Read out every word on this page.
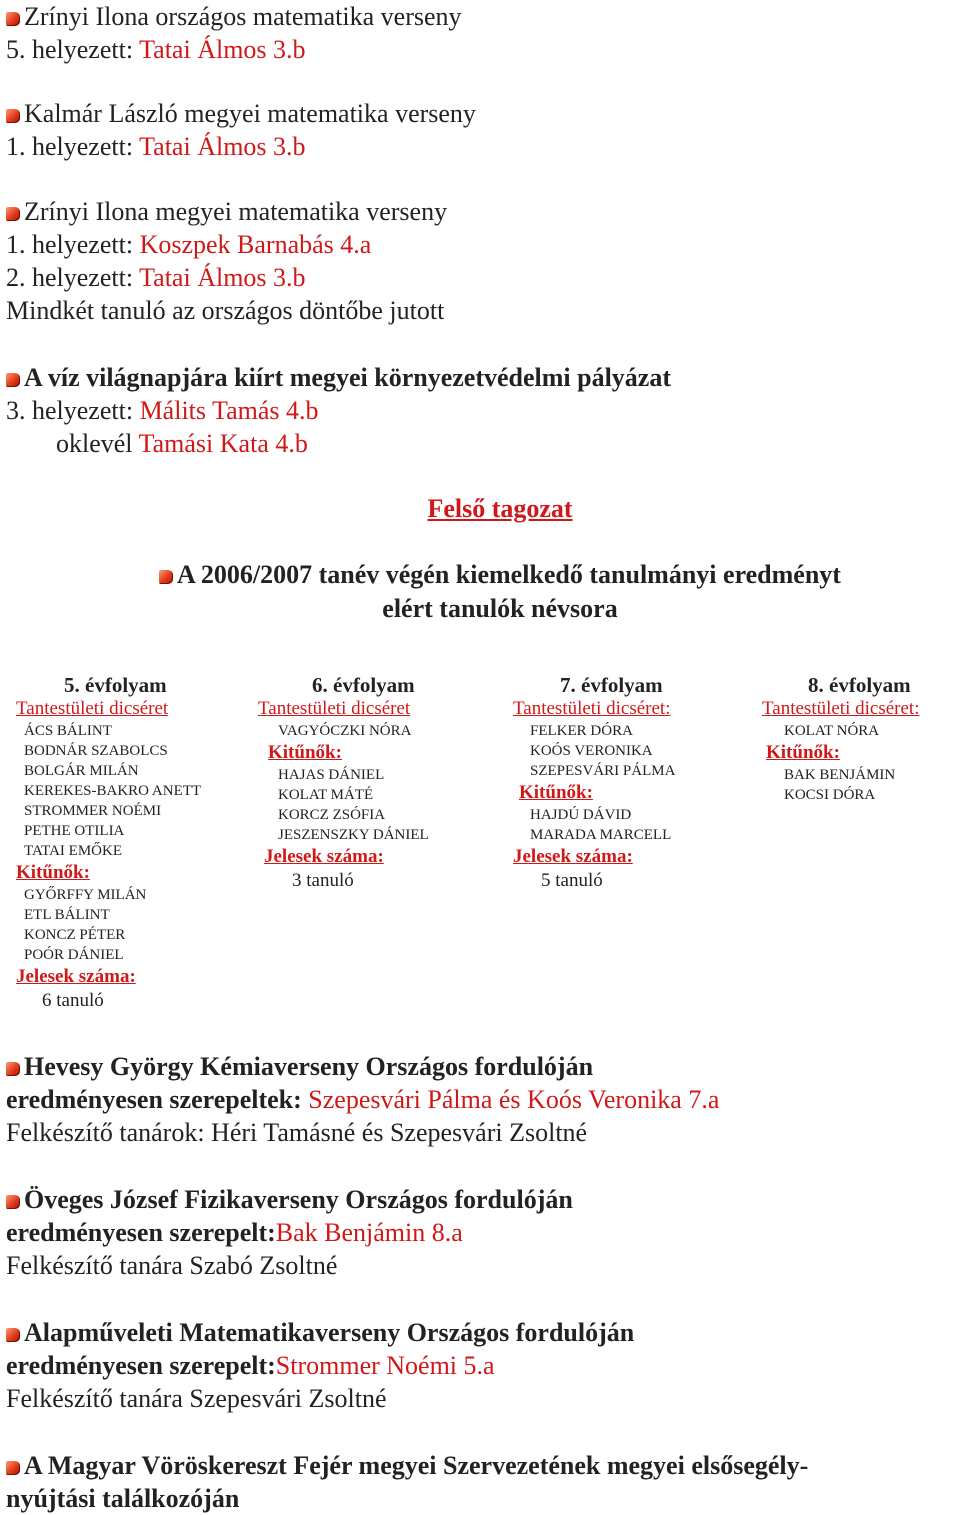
Zrínyi Ilona országos matematika verseny
5. helyezett: Tatai Álmos 3.b
Kalmár László megyei matematika verseny
1. helyezett: Tatai Álmos 3.b
Zrínyi Ilona megyei matematika verseny
1. helyezett: Koszpek Barnabás 4.a
2. helyezett: Tatai Álmos 3.b
Mindkét tanuló az országos döntőbe jutott
A víz világnapjára kiírt megyei környezetvédelmi pályázat
3. helyezett: Málits Tamás 4.b
oklevél Tamási Kata 4.b
Felső tagozat
A 2006/2007 tanév végén kiemelkedő tanulmányi eredményt
elért tanulók névsora
5. évfolyam
Tantestületi dicséret
ÁCS BÁLINT
BODNÁR SZABOLCS
BOLGÁR MILÁN
KEREKES-BAKRO ANETT
STROMMER NOÉMI
PETHE OTILIA
TATAI EMŐKE
Kitűnők:
GYŐRFFY MILÁN
ETL BÁLINT
KONCZ PÉTER
POÓR DÁNIEL
Jelesek száma:
6 tanuló
6. évfolyam
Tantestületi dicséret
VAGYÓCZKI NÓRA
Kitűnők:
HAJAS DÁNIEL
KOLAT MÁTÉ
KORCZ ZSÓFIA
JESZENSZKY DÁNIEL
Jelesek száma:
3 tanuló
7. évfolyam
Tantestületi dicséret:
FELKER DÓRA
KOÓS VERONIKA
SZEPESVÁRI PÁLMA
Kitűnők:
HAJDÚ DÁVID
MARADA MARCELL
Jelesek száma:
5 tanuló
8. évfolyam
Tantestületi dicséret:
KOLAT NÓRA
Kitűnők:
BAK BENJÁMIN
KOCSI DÓRA
Hevesy György Kémiaverseny Országos fordulóján
eredményesen szerepeltek: Szepesvári Pálma és Koós Veronika 7.a
Felkészítő tanárok: Héri Tamásné és Szepesvári Zsoltné
Öveges József Fizikaverseny Országos fordulóján
eredményesen szerepelt:Bak Benjámin 8.a
Felkészítő tanára Szabó Zsoltné
Alapműveleti Matematikaverseny Országos fordulóján
eredményesen szerepelt:Strommer Noémi 5.a
Felkészítő tanára Szepesvári Zsoltné
A Magyar Vöröskereszt Fejér megyei Szervezetének megyei elsősegély-
nyújtási találkozóján
